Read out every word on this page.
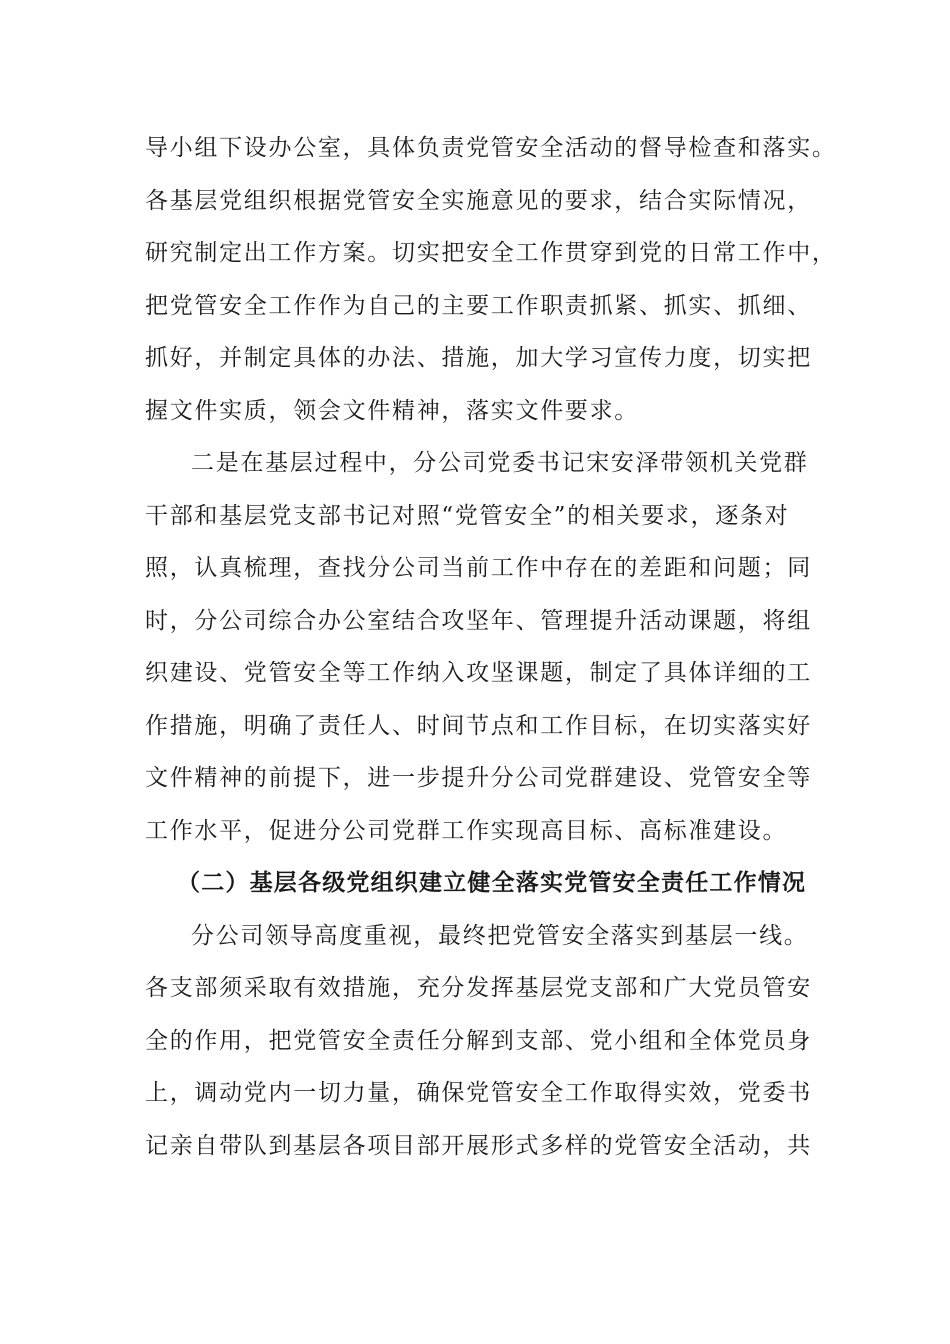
导小组下设办公室，具体负责党管安全活动的督导检查和落实。
各基层党组织根据党管安全实施意见的要求，结合实际情况，
研究制定出工作方案。切实把安全工作贯穿到党的日常工作中，
把党管安全工作作为自己的主要工作职责抓紧、抓实、抓细、
抓好，并制定具体的办法、措施，加大学习宣传力度，切实把
握文件实质，领会文件精神，落实文件要求。

二是在基层过程中，分公司党委书记宋安泽带领机关党群
干部和基层党支部书记对照“党管安全”的相关要求，逐条对
照，认真梳理，查找分公司当前工作中存在的差距和问题；同
时，分公司综合办公室结合攻坚年、管理提升活动课题，将组
织建设、党管安全等工作纳入攻坚课题，制定了具体详细的工
作措施，明确了责任人、时间节点和工作目标，在切实落实好
文件精神的前提下，进一步提升分公司党群建设、党管安全等
工作水平，促进分公司党群工作实现高目标、高标准建设。

（二）基层各级党组织建立健全落实党管安全责任工作情况

分公司领导高度重视，最终把党管安全落实到基层一线。
各支部须采取有效措施，充分发挥基层党支部和广大党员管安
全的作用，把党管安全责任分解到支部、党小组和全体党员身
上，调动党内一切力量，确保党管安全工作取得实效，党委书
记亲自带队到基层各项目部开展形式多样的党管安全活动，共
